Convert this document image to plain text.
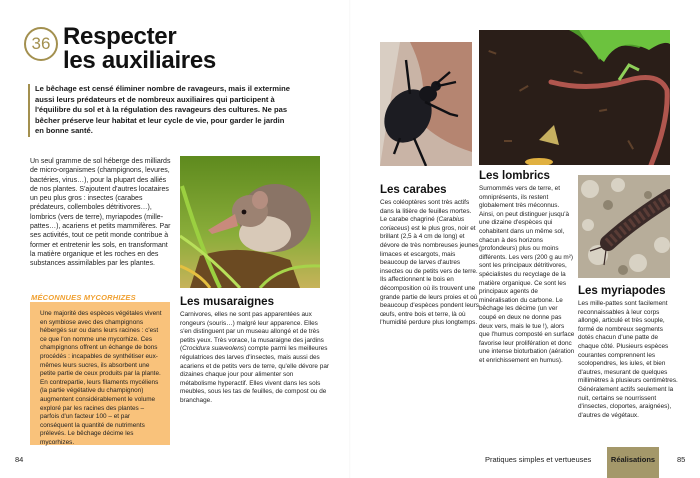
36 Respecter
les auxiliaires
Le bêchage est censé éliminer nombre de ravageurs, mais il extermine aussi leurs prédateurs et de nombreux auxiliaires qui participent à l'équilibre du sol et à la régulation des ravageurs des cultures. Ne pas bêcher préserve leur habitat et leur cycle de vie, pour garder le jardin en bonne santé.
Un seul gramme de sol héberge des milliards de micro-organismes (champignons, levures, bactéries, virus…), pour la plupart des alliés de nos plantes. S'ajoutent d'autres locataires un peu plus gros : insectes (carabes prédateurs, collemboles détritivores…), lombrics (vers de terre), myriapodes (mille-pattes…), acariens et petits mammifères. Par ses activités, tout ce petit monde contribue à former et entretenir les sols, en transformant la matière organique et les roches en des substances assimilables par les plantes.
MÉCONNUES MYCORHIZES
Une majorité des espèces végétales vivent en symbiose avec des champignons hébergés sur ou dans leurs racines : c'est ce que l'on nomme une mycorhize. Ces champignons offrent un échange de bons procédés : incapables de synthétiser eux-mêmes leurs sucres, ils absorbent une petite partie de ceux produits par la plante. En contrepartie, leurs filaments mycéliens (la partie végétative du champignon) augmentent considérablement le volume exploré par les racines des plantes – parfois d'un facteur 100 – et par conséquent la quantité de nutriments prélevés. Le bêchage décime les mycorhizes.
Les musaraignes
Carnivores, elles ne sont pas apparentées aux rongeurs (souris…) malgré leur apparence. Elles s'en distinguent par un museau allongé et de très petits yeux. Très vorace, la musaraigne des jardins (Crocidura suaveolens) compte parmi les meilleures régulatrices des larves d'insectes, mais aussi des acariens et de petits vers de terre, qu'elle dévore par dizaines chaque jour pour alimenter son métabolisme hyperactif. Elles vivent dans les sols meubles, sous les tas de feuilles, de compost ou de branchage.
Les carabes
Ces coléoptères sont très actifs dans la litière de feuilles mortes. Le carabe chagriné (Carabius coriaceus) est le plus gros, noir et brillant (2,5 à 4 cm de long) et dévore de très nombreuses jeunes limaces et escargots, mais beaucoup de larves d'autres insectes ou de petits vers de terre. Ils affectionnent le bois en décomposition où ils trouvent une grande partie de leurs proies et où beaucoup d'espèces pondent leurs œufs, entre bois et terre, là où l'humidité perdure plus longtemps.
Les lombrics
Surnommés vers de terre, et omniprésents, ils restent globalement très méconnus. Ainsi, on peut distinguer jusqu'à une dizaine d'espèces qui cohabitent dans un même sol, chacun à des horizons (profondeurs) plus ou moins différents. Les vers (200 g au m²) sont les principaux détritivores, spécialistes du recyclage de la matière organique. Ce sont les principaux agents de minéralisation du carbone. Le bêchage les décime (un ver coupé en deux ne donne pas deux vers, mais le tue !), alors que l'humus composté en surface favorise leur prolifération et donc une intense bioturbation (aération et enrichissement en humus).
Les myriapodes
Les mille-pattes sont facilement reconnaissables à leur corps allongé, articulé et très souple, formé de nombreux segments dotés chacun d'une patte de chaque côté. Plusieurs espèces courantes comprennent les scolopendres, les iules, et bien d'autres, mesurant de quelques millimètres à plusieurs centimètres. Généralement actifs seulement la nuit, certains se nourrissent d'insectes, cloportes, araignées), d'autres de végétaux.
84	Pratiques simples et vertueuses	Réalisations	85
